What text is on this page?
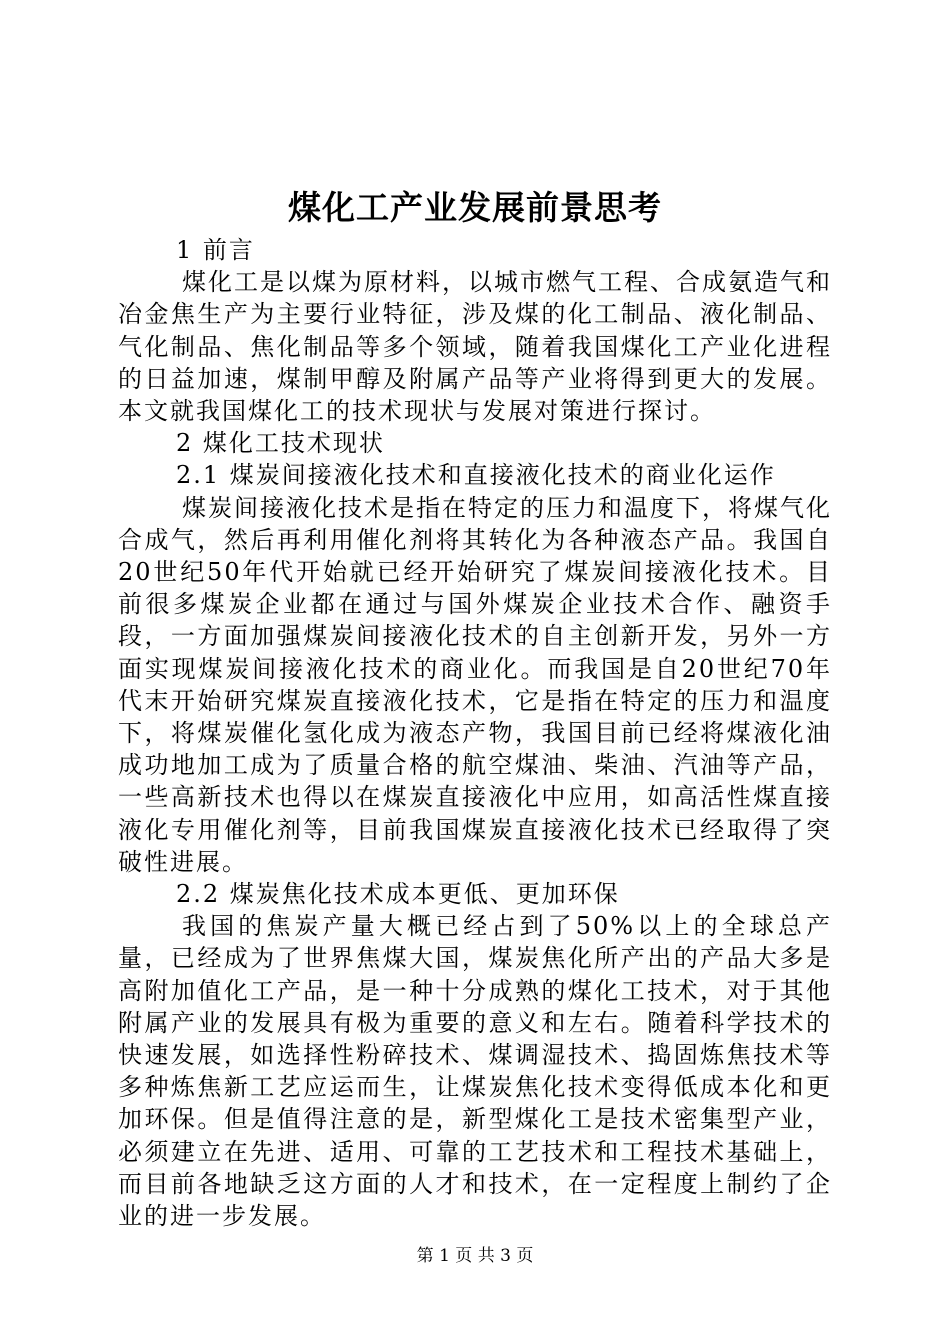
煤化工产业发展前景思考

1 前言

煤化工是以煤为原材料，以城市燃气工程、合成氨造气和冶金焦生产为主要行业特征，涉及煤的化工制品、液化制品、气化制品、焦化制品等多个领域，随着我国煤化工产业化进程的日益加速，煤制甲醇及附属产品等产业将得到更大的发展。本文就我国煤化工的技术现状与发展对策进行探讨。

2 煤化工技术现状

2.1 煤炭间接液化技术和直接液化技术的商业化运作

煤炭间接液化技术是指在特定的压力和温度下，将煤气化合成气，然后再利用催化剂将其转化为各种液态产品。我国自20世纪50年代开始就已经开始研究了煤炭间接液化技术。目前很多煤炭企业都在通过与国外煤炭企业技术合作、融资手段，一方面加强煤炭间接液化技术的自主创新开发，另外一方面实现煤炭间接液化技术的商业化。而我国是自20世纪70年代末开始研究煤炭直接液化技术，它是指在特定的压力和温度下，将煤炭催化氢化成为液态产物，我国目前已经将煤液化油成功地加工成为了质量合格的航空煤油、柴油、汽油等产品，一些高新技术也得以在煤炭直接液化中应用，如高活性煤直接液化专用催化剂等，目前我国煤炭直接液化技术已经取得了突破性进展。

2.2 煤炭焦化技术成本更低、更加环保

我国的焦炭产量大概已经占到了50%以上的全球总产量，已经成为了世界焦煤大国，煤炭焦化所产出的产品大多是高附加值化工产品，是一种十分成熟的煤化工技术，对于其他附属产业的发展具有极为重要的意义和左右。随着科学技术的快速发展，如选择性粉碎技术、煤调湿技术、捣固炼焦技术等多种炼焦新工艺应运而生，让煤炭焦化技术变得低成本化和更加环保。但是值得注意的是，新型煤化工是技术密集型产业，必须建立在先进、适用、可靠的工艺技术和工程技术基础上，而目前各地缺乏这方面的人才和技术，在一定程度上制约了企业的进一步发展。

第 1 页 共 3 页
